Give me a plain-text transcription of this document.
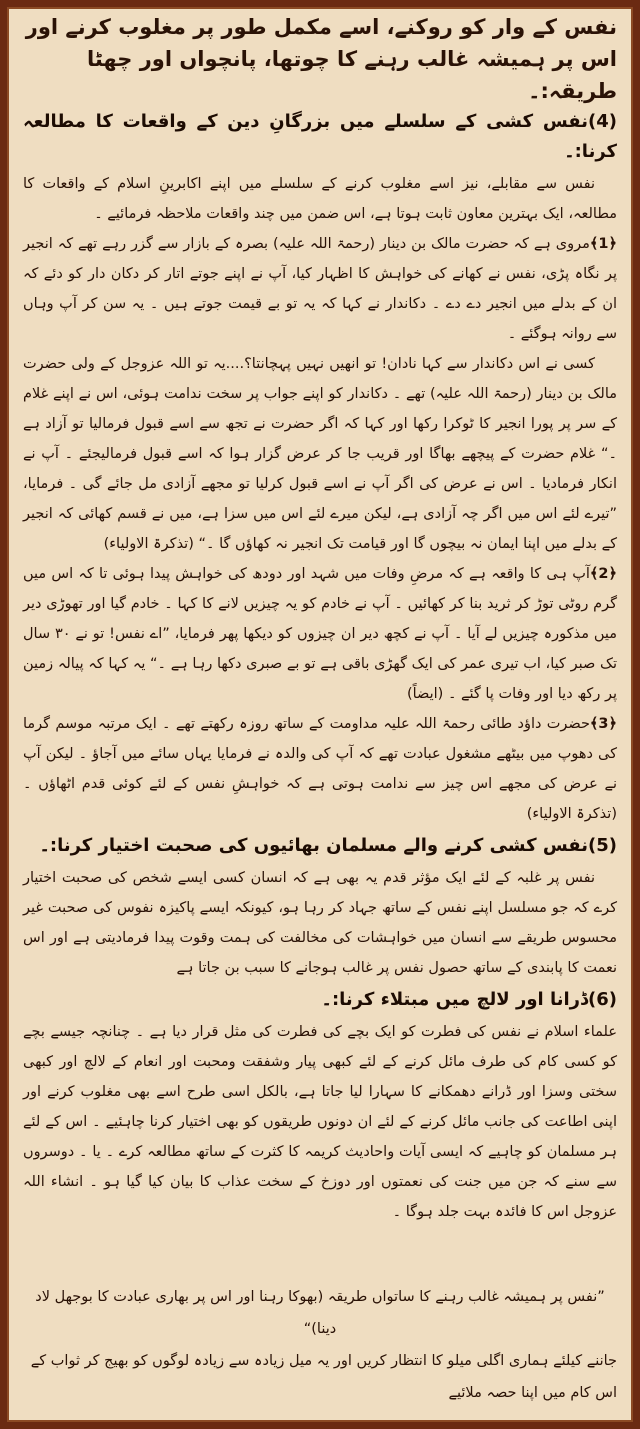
نفس کے وار کو روکنے، اسے مکمل طور پر مغلوب کرنے اور اس پر ہمیشہ غالب رہنے کا چوتھا، پانچواں اور چھٹا طریقہ:۔

(4)نفس کشی کے سلسلے میں بزرگانِ دین کے واقعات کا مطالعہ کرنا:۔

نفس سے مقابلے، نیز اسے مغلوب کرنے کے سلسلے میں اپنے اکابرینِ اسلام کے واقعات کا مطالعہ، ایک بہترین معاون ثابت ہوتا ہے، اس ضمن میں چند واقعات ملاحظہ فرمائیے ۔

﴿1﴾مروی ہے کہ حضرت مالک بن دینار (رحمۃ اللہ علیہ) بصرہ کے بازار سے گزر رہے تھے کہ انجیر پر نگاہ پڑی، نفس نے کھانے کی خواہش کا اظہار کیا، آپ نے اپنے جوتے اتار کر دکان دار کو دئے کہ ان کے بدلے میں انجیر دے دے ۔ دکاندار نے کہا کہ یہ تو بے قیمت جوتے ہیں ۔ یہ سن کر آپ وہاں سے روانہ ہوگئے ۔

کسی نے اس دکاندار سے کہا نادان! تو انھیں نہیں پہچانتا؟....یہ تو اللہ عزوجل کے ولی حضرت مالک بن دینار (رحمۃ اللہ علیہ) تھے ۔ دکاندار کو اپنے جواب پر سخت ندامت ہوئی، اس نے اپنے غلام کے سر پر پورا انجیر کا ٹوکرا رکھا اور کہا کہ اگر حضرت نے تجھ سے اسے قبول فرمالیا تو آزاد ہے ۔“ غلام حضرت کے پیچھے بھاگا اور قریب جا کر عرض گزار ہوا کہ اسے قبول فرمالیجئے ۔ آپ نے انکار فرمادیا ۔ اس نے عرض کی اگر آپ نے اسے قبول کرلیا تو مجھے آزادی مل جائے گی ۔ فرمایا، ”تیرے لئے اس میں اگر چہ آزادی ہے، لیکن میرے لئے اس میں سزا ہے، میں نے قسم کھائی کہ انجیر کے بدلے میں اپنا ایمان نہ بیچوں گا اور قیامت تک انجیر نہ کھاؤں گا ۔“ (تذکرۃ الاولیاء)

﴿2﴾آپ ہی کا واقعہ ہے کہ مرضِ وفات میں شہد اور دودھ کی خواہش پیدا ہوئی تا کہ اس میں گرم روٹی توڑ کر ثرید بنا کر کھائیں ۔ آپ نے خادم کو یہ چیزیں لانے کا کہا ۔ خادم گیا اور تھوڑی دیر میں مذکورہ چیزیں لے آیا ۔ آپ نے کچھ دیر ان چیزوں کو دیکھا پھر فرمایا، ”اے نفس! تو نے ۳۰ سال تک صبر کیا، اب تیری عمر کی ایک گھڑی باقی ہے تو بے صبری دکھا رہا ہے ۔“ یہ کہا کہ پیالہ زمین پر رکھ دیا اور وفات پا گئے ۔ (ایضاً)

﴿3﴾حضرت داؤد طائی رحمۃ اللہ علیہ مداومت کے ساتھ روزہ رکھتے تھے ۔ ایک مرتبہ موسم گرما کی دھوپ میں بیٹھے مشغول عبادت تھے کہ آپ کی والدہ نے فرمایا یہاں سائے میں آجاؤ ۔ لیکن آپ نے عرض کی مجھے اس چیز سے ندامت ہوتی ہے کہ خواہشِ نفس کے لئے کوئی قدم اٹھاؤں ۔ (تذکرۃ الاولیاء)

(5)نفس کشی کرنے والے مسلمان بھائیوں کی صحبت اختیار کرنا:۔

نفس پر غلبہ کے لئے ایک مؤثر قدم یہ بھی ہے کہ انسان کسی ایسے شخص کی صحبت اختیار کرے کہ جو مسلسل اپنے نفس کے ساتھ جہاد کر رہا ہو، کیونکہ ایسے پاکیزہ نفوس کی صحبت غیر محسوس طریقے سے انسان میں خواہشات کی مخالفت کی ہمت وقوت پیدا فرمادیتی ہے اور اس نعمت کا پابندی کے ساتھ حصول نفس پر غالب ہوجانے کا سبب بن جاتا ہے

(6)ڈرانا اور لالچ میں مبتلاء کرنا:۔

علماء اسلام نے نفس کی فطرت کو ایک بچے کی فطرت کی مثل قرار دیا ہے ۔ چنانچہ جیسے بچے کو کسی کام کی طرف مائل کرنے کے لئے کبھی پیار وشفقت ومحبت اور انعام کے لالچ اور کبھی سختی وسزا اور ڈرانے دھمکانے کا سہارا لیا جاتا ہے، بالکل اسی طرح اسے بھی مغلوب کرنے اور اپنی اطاعت کی جانب مائل کرنے کے لئے ان دونوں طریقوں کو بھی اختیار کرنا چاہئیے ۔ اس کے لئے ہر مسلمان کو چاہیے کہ ایسی آیات واحادیث کریمہ کا کثرت کے ساتھ مطالعہ کرے ۔ یا ۔ دوسروں سے سنے کہ جن میں جنت کی نعمتوں اور دوزخ کے سخت عذاب کا بیان کیا گیا ہو ۔ انشاء اللہ عزوجل اس کا فائدہ بہت جلد ہوگا ۔

”نفس پر ہمیشہ غالب رہنے کا ساتواں طریقہ (بھوکا رہنا اور اس پر بھاری عبادت کا بوجھل لاد دینا)“

جاننے کیلئے ہماری اگلی میلو کا انتظار کریں اور یہ میل زیادہ سے زیادہ لوگوں کو بھیج کر ثواب کے اس کام میں اپنا حصہ ملائیے
